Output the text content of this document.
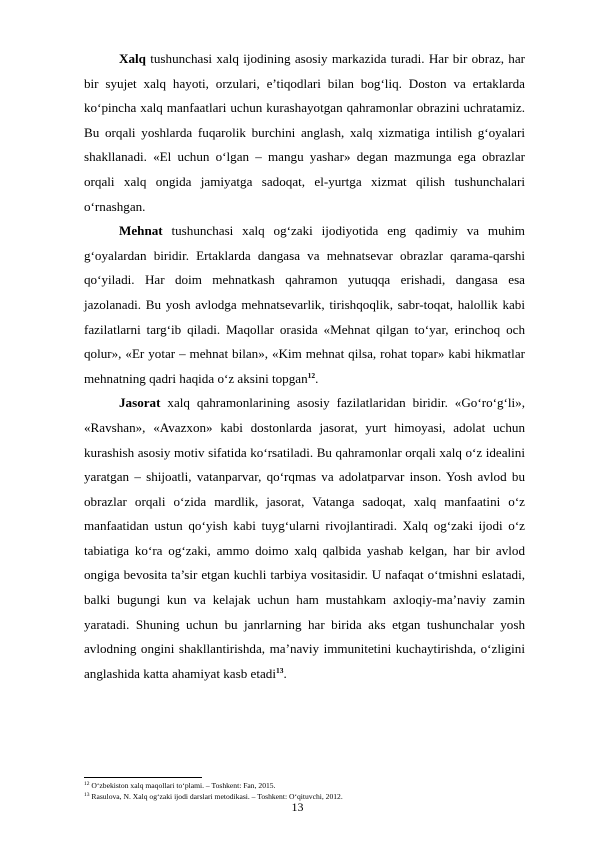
Xalq tushunchasi xalq ijodining asosiy markazida turadi. Har bir obraz, har bir syujet xalq hayoti, orzulari, e’tiqodlari bilan bog‘liq. Doston va ertaklarda ko‘pincha xalq manfaatlari uchun kurashayotgan qahramonlar obrazini uchratamiz. Bu orqali yoshlarda fuqarolik burchini anglash, xalq xizmatiga intilish g‘oyalari shakllanadi. «El uchun o‘lgan – mangu yashar» degan mazmunga ega obrazlar orqali xalq ongida jamiyatga sadoqat, el-yurtga xizmat qilish tushunchalari o‘rnashgan.

Mehnat tushunchasi xalq og‘zaki ijodiyotida eng qadimiy va muhim g‘oyalardan biridir. Ertaklarda dangasa va mehnatsevar obrazlar qarama-qarshi qo‘yiladi. Har doim mehnatkash qahramon yutuqqa erishadi, dangasa esa jazolanadi. Bu yosh avlodga mehnatsevarlik, tirishqoqlik, sabr-toqat, halollik kabi fazilatlarni targ‘ib qiladi. Maqollar orasida «Mehnat qilgan to‘yar, erinchoq och qolur», «Er yotar – mehnat bilan», «Kim mehnat qilsa, rohat topar» kabi hikmatlar mehnatning qadri haqida o‘z aksini topgan$^{12}$.

Jasorat xalq qahramonlarining asosiy fazilatlaridan biridir. «Go‘ro‘g‘li», «Ravshan», «Avazxon» kabi dostonlarda jasorat, yurt himoyasi, adolat uchun kurashish asosiy motiv sifatida ko‘rsatiladi. Bu qahramonlar orqali xalq o‘z idealini yaratgan – shijoatli, vatanparvar, qo‘rqmas va adolatparvar inson. Yosh avlod bu obrazlar orqali o‘zida mardlik, jasorat, Vatanga sadoqat, xalq manfaatini o‘z manfaatidan ustun qo‘yish kabi tuyg‘ularni rivojlantiradi. Xalq og‘zaki ijodi o‘z tabiatiga ko‘ra og‘zaki, ammo doimo xalq qalbida yashab kelgan, har bir avlod ongiga bevosita ta’sir etgan kuchli tarbiya vositasidir. U nafaqat o‘tmishni eslatadi, balki bugungi kun va kelajak uchun ham mustahkam axloqiy-ma’naviy zamin yaratadi. Shuning uchun bu janrlarning har birida aks etgan tushunchalar yosh avlodning ongini shakllantirishda, ma’naviy immunitetini kuchaytirishda, o‘zligini anglashida katta ahamiyat kasb etadi$^{13}$.

$^{12}$ O‘zbekiston xalq maqollari to‘plami. – Toshkent: Fan, 2015.

$^{13}$ Rasulova, N. Xalq og‘zaki ijodi darslari metodikasi. – Toshkent: O‘qituvchi, 2012.

13
